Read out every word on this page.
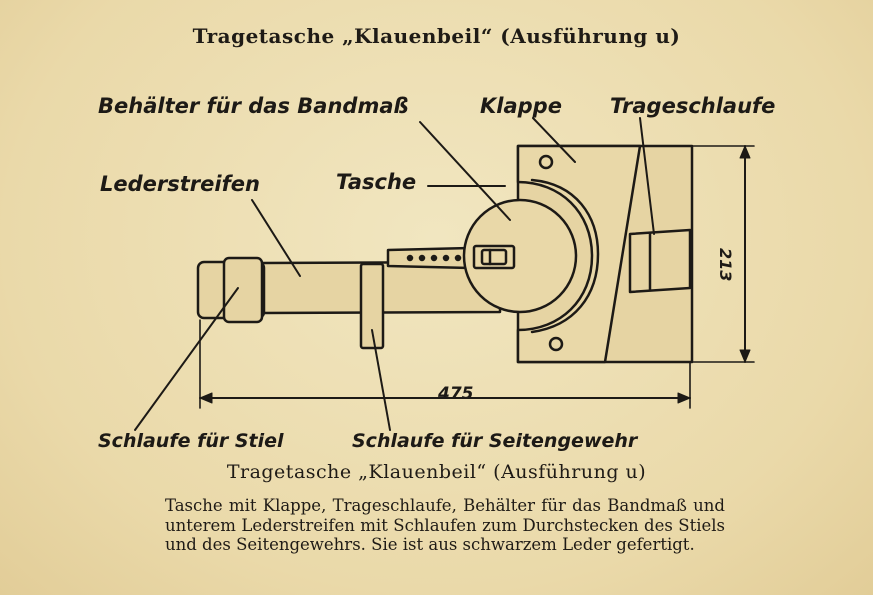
Tragetasche „Klauenbeil“ (Ausführung u)
Behälter für das Bandmaß	Klappe Trageschlaufe
Lederstreifen	Tasche
Schlaufe für Stiel	Schlaufe für Seitengewehr
213
475
Tragetasche „Klauenbeil“ (Ausführung u)
Tasche mit Klappe, Trageschlaufe, Behälter für das Bandmaß und unterem Lederstreifen mit Schlaufen zum Durchstecken des Stiels und des Seitengewehrs. Sie ist aus schwarzem Leder gefertigt.
